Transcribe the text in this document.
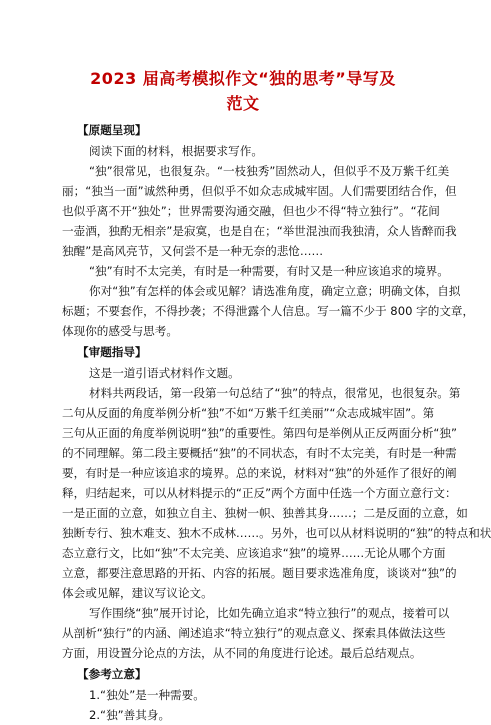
2023 届高考模拟作文“独的思考”导写及
范文
【原题呈现】
阅读下面的材料，根据要求写作。
“独”很常见，也很复杂。“一枝独秀”固然动人，但似乎不及万紫千红美
丽；“独当一面”诚然种勇，但似乎不如众志成城牢固。人们需要团结合作，但
也似乎离不开“独处”；世界需要沟通交融，但也少不得“特立独行”。“花间
一壶酒，独酌无相亲”是寂寞，也是自在；“举世混浊而我独清，众人皆醉而我
独醒”是高风亮节，又何尝不是一种无奈的悲怆……
“独”有时不太完美，有时是一种需要，有时又是一种应该追求的境界。
你对“独”有怎样的体会或见解？请选准角度，确定立意；明确文体，自拟
标题；不要套作，不得抄袭；不得泄露个人信息。写一篇不少于 800 字的文章，
体现你的感受与思考。
【审题指导】
这是一道引语式材料作文题。
材料共两段话，第一段第一句总结了“独”的特点，很常见，也很复杂。第
二句从反面的角度举例分析“独”不如“万紫千红美丽”“众志成城牢固”。第
三句从正面的角度举例说明“独”的重要性。第四句是举例从正反两面分析“独”
的不同理解。第二段主要概括“独”的不同状态，有时不太完美，有时是一种需
要，有时是一种应该追求的境界。总的来说，材料对“独”的外延作了很好的阐
释，归结起来，可以从材料提示的“正反”两个方面中任选一个方面立意行文：
一是正面的立意，如独立自主、独树一帜、独善其身……；二是反面的立意，如
独断专行、独木难支、独木不成林……。另外，也可以从材料说明的“独”的特点和状
态立意行文，比如“独”不太完美、应该追求“独”的境界……无论从哪个方面
立意，都要注意思路的开拓、内容的拓展。题目要求选准角度，谈谈对“独”的
体会或见解，建议写议论文。
写作围绕“独”展开讨论，比如先确立追求“特立独行”的观点，接着可以
从剖析“独行”的内涵、阐述追求“特立独行”的观点意义、探索具体做法这些
方面，用设置分论点的方法，从不同的角度进行论述。最后总结观点。
【参考立意】
1.“独处”是一种需要。
2.“独”善其身。
